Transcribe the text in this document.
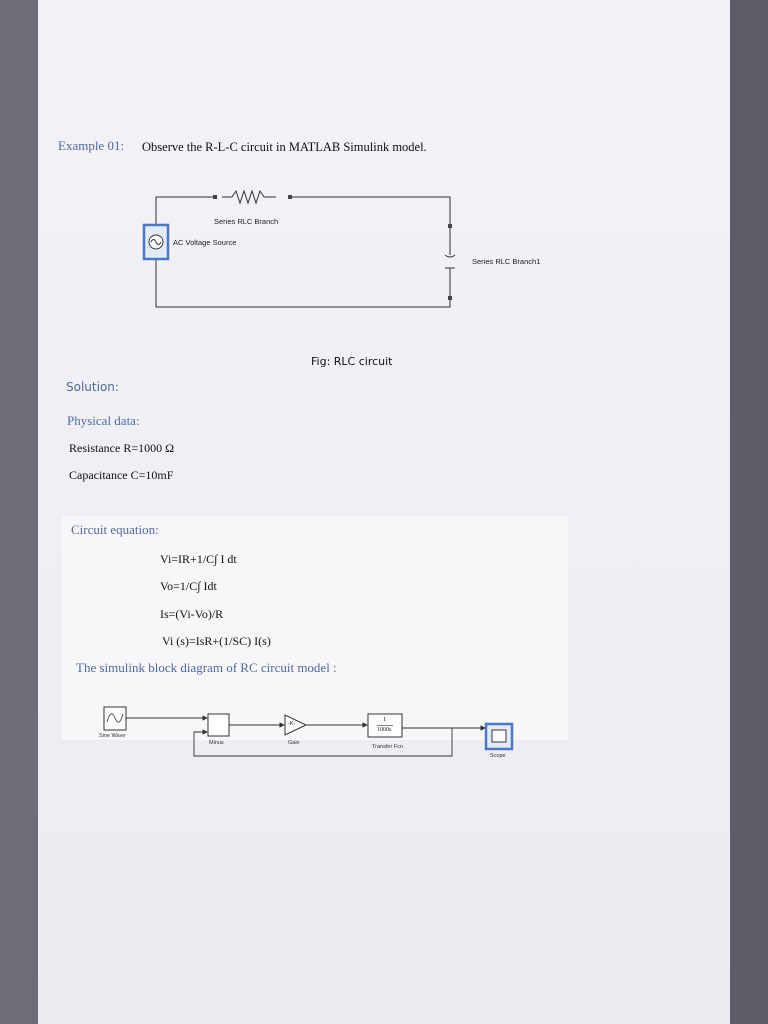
Example 01: Observe the R-L-C circuit in MATLAB Simulink model.
Series RLC Branch
AC Voltage Source
Series RLC Branch1
Fig: RLC circuit
Solution:
Physical data:
Resistance R=1000 Ω
Capacitance C=10mF
Circuit equation:
Vi=IR+1/C∫ I dt
Vo=1/C∫ Idt
Is=(Vi-Vo)/R
Vi (s)=IsR+(1/SC) I(s)
The simulink block diagram of RC circuit model :
-K-
1
1000s
Sine Wave
Minus	Gain
Transfer Fcn
Scope
